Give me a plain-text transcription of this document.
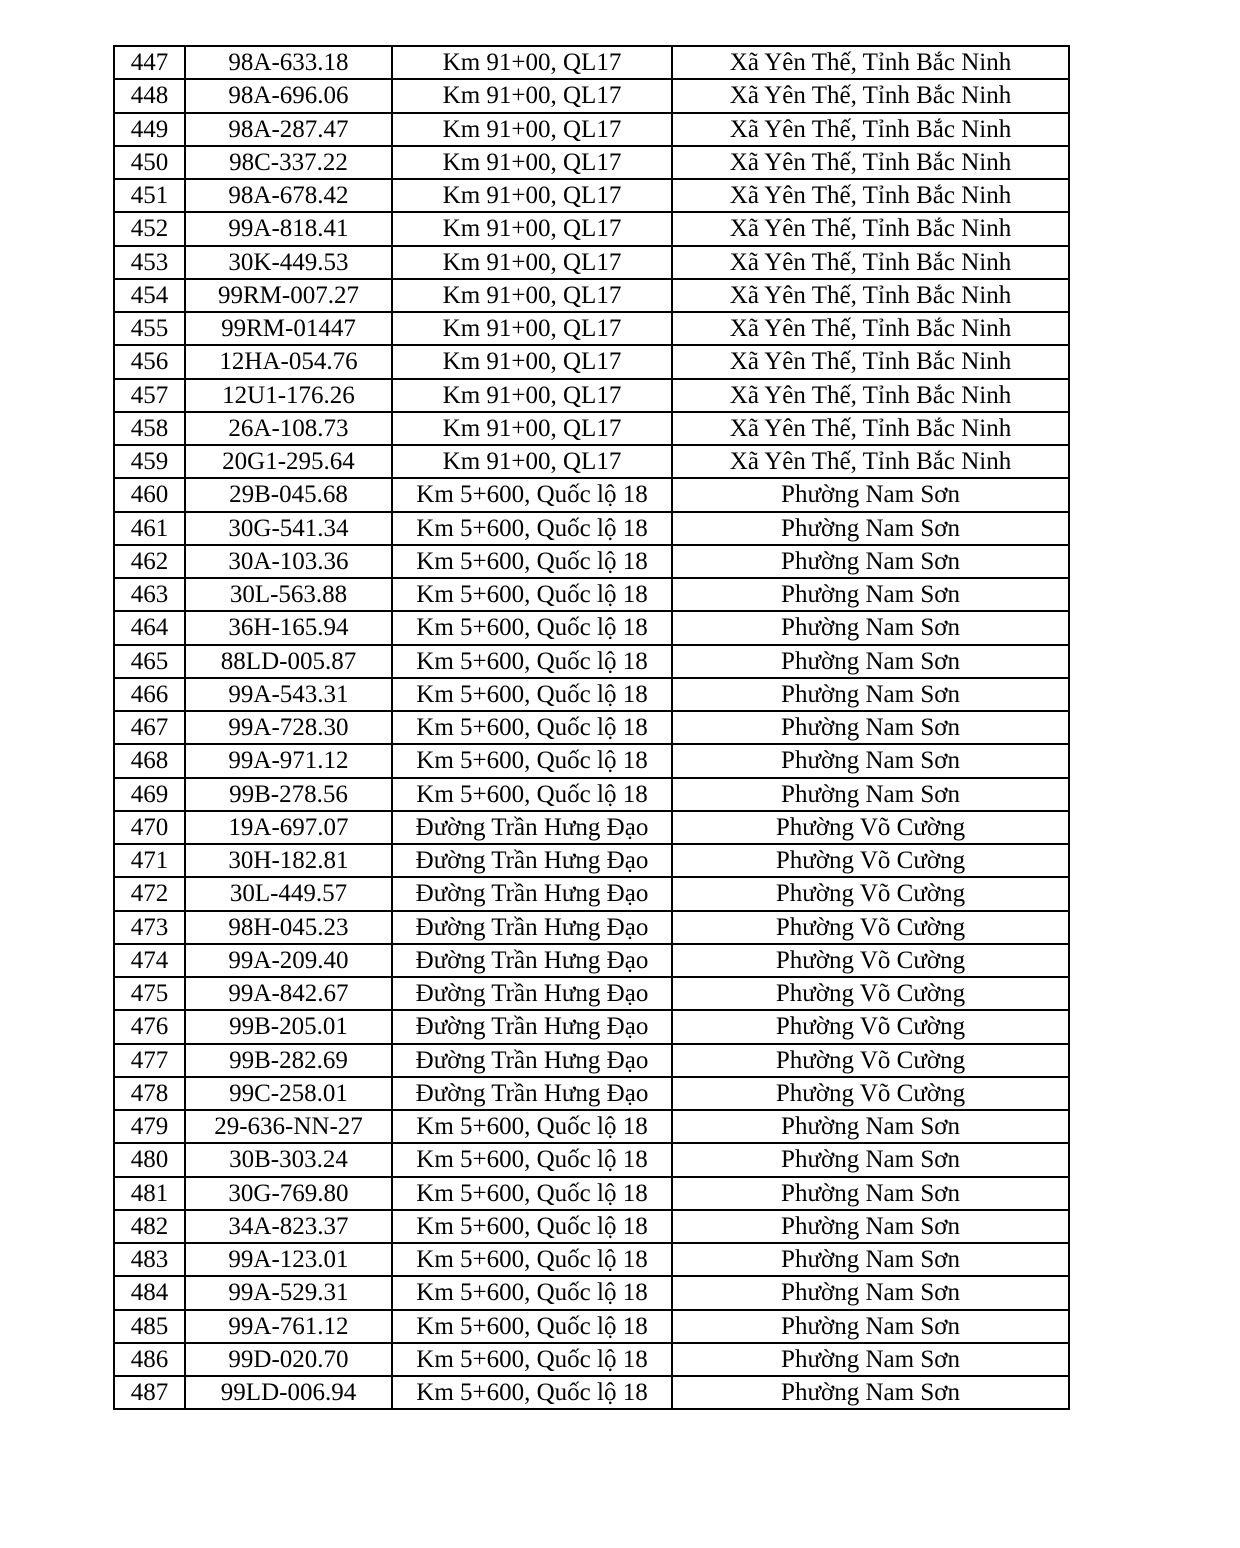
447	98A-633.18	Km 91+00, QL17	Xã Yên Thế, Tỉnh Bắc Ninh
448	98A-696.06	Km 91+00, QL17	Xã Yên Thế, Tỉnh Bắc Ninh
449	98A-287.47	Km 91+00, QL17	Xã Yên Thế, Tỉnh Bắc Ninh
450	98C-337.22	Km 91+00, QL17	Xã Yên Thế, Tỉnh Bắc Ninh
451	98A-678.42	Km 91+00, QL17	Xã Yên Thế, Tỉnh Bắc Ninh
452	99A-818.41	Km 91+00, QL17	Xã Yên Thế, Tỉnh Bắc Ninh
453	30K-449.53	Km 91+00, QL17	Xã Yên Thế, Tỉnh Bắc Ninh
454	99RM-007.27	Km 91+00, QL17	Xã Yên Thế, Tỉnh Bắc Ninh
455	99RM-01447	Km 91+00, QL17	Xã Yên Thế, Tỉnh Bắc Ninh
456	12HA-054.76	Km 91+00, QL17	Xã Yên Thế, Tỉnh Bắc Ninh
457	12U1-176.26	Km 91+00, QL17	Xã Yên Thế, Tỉnh Bắc Ninh
458	26A-108.73	Km 91+00, QL17	Xã Yên Thế, Tỉnh Bắc Ninh
459	20G1-295.64	Km 91+00, QL17	Xã Yên Thế, Tỉnh Bắc Ninh
460	29B-045.68	Km 5+600, Quốc lộ 18	Phường Nam Sơn
461	30G-541.34	Km 5+600, Quốc lộ 18	Phường Nam Sơn
462	30A-103.36	Km 5+600, Quốc lộ 18	Phường Nam Sơn
463	30L-563.88	Km 5+600, Quốc lộ 18	Phường Nam Sơn
464	36H-165.94	Km 5+600, Quốc lộ 18	Phường Nam Sơn
465	88LD-005.87	Km 5+600, Quốc lộ 18	Phường Nam Sơn
466	99A-543.31	Km 5+600, Quốc lộ 18	Phường Nam Sơn
467	99A-728.30	Km 5+600, Quốc lộ 18	Phường Nam Sơn
468	99A-971.12	Km 5+600, Quốc lộ 18	Phường Nam Sơn
469	99B-278.56	Km 5+600, Quốc lộ 18	Phường Nam Sơn
470	19A-697.07	Đường Trần Hưng Đạo	Phường Võ Cường
471	30H-182.81	Đường Trần Hưng Đạo	Phường Võ Cường
472	30L-449.57	Đường Trần Hưng Đạo	Phường Võ Cường
473	98H-045.23	Đường Trần Hưng Đạo	Phường Võ Cường
474	99A-209.40	Đường Trần Hưng Đạo	Phường Võ Cường
475	99A-842.67	Đường Trần Hưng Đạo	Phường Võ Cường
476	99B-205.01	Đường Trần Hưng Đạo	Phường Võ Cường
477	99B-282.69	Đường Trần Hưng Đạo	Phường Võ Cường
478	99C-258.01	Đường Trần Hưng Đạo	Phường Võ Cường
479	29-636-NN-27	Km 5+600, Quốc lộ 18	Phường Nam Sơn
480	30B-303.24	Km 5+600, Quốc lộ 18	Phường Nam Sơn
481	30G-769.80	Km 5+600, Quốc lộ 18	Phường Nam Sơn
482	34A-823.37	Km 5+600, Quốc lộ 18	Phường Nam Sơn
483	99A-123.01	Km 5+600, Quốc lộ 18	Phường Nam Sơn
484	99A-529.31	Km 5+600, Quốc lộ 18	Phường Nam Sơn
485	99A-761.12	Km 5+600, Quốc lộ 18	Phường Nam Sơn
486	99D-020.70	Km 5+600, Quốc lộ 18	Phường Nam Sơn
487	99LD-006.94	Km 5+600, Quốc lộ 18	Phường Nam Sơn
